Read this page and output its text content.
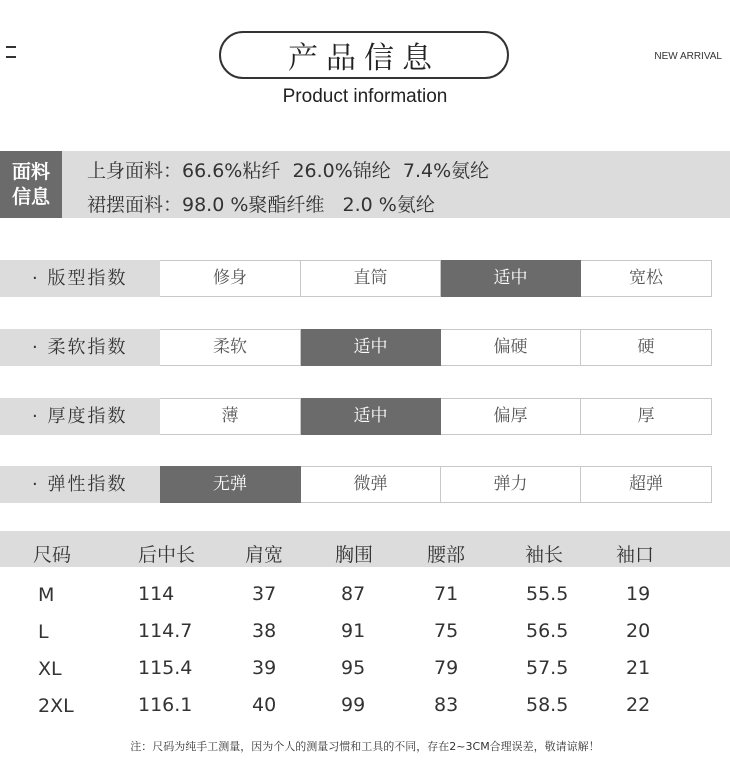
产品信息
Product information
NEW ARRIVAL
面料
信息
上身面料：66.6%粘纤  26.0%锦纶  7.4%氨纶
裙摆面料：98.0 %聚酯纤维   2.0 %氨纶
· 版型指数	修身	直筒	适中	宽松
· 柔软指数	柔软	适中	偏硬	硬
· 厚度指数	薄	适中	偏厚	厚
· 弹性指数	无弹	微弹	弹力	超弹
尺码	后中长	肩宽	胸围	腰部	袖长	袖口
M	114	37	87	71	55.5	19
L	114.7	38	91	75	56.5	20
XL	115.4	39	95	79	57.5	21
2XL	116.1	40	99	83	58.5	22
注：尺码为纯手工测量，因为个人的测量习惯和工具的不同，存在2~3CM合理误差，敬请谅解！
